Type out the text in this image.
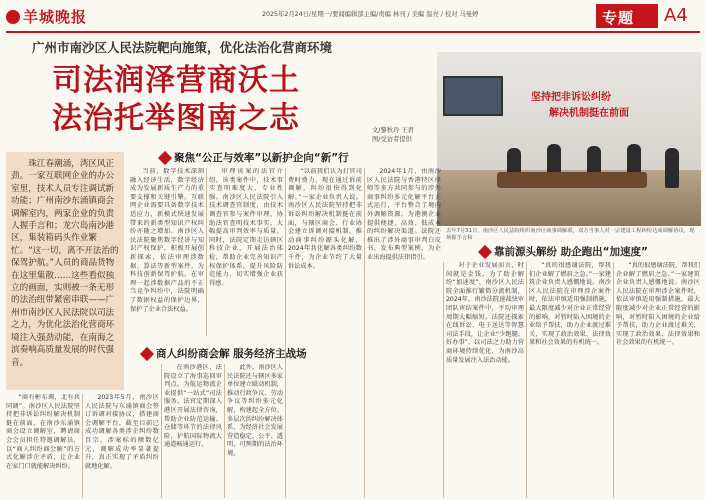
羊城晚报	2025年2月24日/星期一/要闻编辑部主编/责编 林刊 / 美编 温亮 / 校对 马曼婷	专题	A4
广州市南沙区人民法院靶向施策，优化法治化营商环境
司法润泽营商沃土
法治托举图南之志	文/黎秋玲 王君
图/受访者提供
坚持把非诉讼纠纷
解决机制挺在前面
去年7月31日，南沙区人民法院组织南沙区商事调解联，双方当事人对一宗建设工程纠纷达成调解协议，现场握手言和

珠江春潮涌，湾区风正劲。一家互联网企业的办公室里，技术人员专注调试新功能；广州南沙东涌镇商会调解室内，两家企业的负责人握手言和；龙穴岛南沙港区，集装箱码头作业繁忙。“这一切，离不开法治的保驾护航。”人员的商品货物在这里集散……这些看似独立的画面，实则被一条无形的法治纽带紧密串联——广州市南沙区人民法院以司法之力，为优化法治化营商环境注入强劲动能，在南海之滨奏响高质量发展的时代强音。

聚焦“公正与效率”以新护企向“新”行

当前，数字技术深刻融入经济生活，数字经济成为发展新质生产力的重要支撑和关键引擎。互联网企业需要具备数字技术适应力，新模式快速发展带来的新类型知识产权纠纷亦随之增加。南沙区人民法院聚焦数字经济与知识产权保护，积极开展创新探索，依法审理涉数据、算法等新型案件，为科技创新保驾护航。在审理一起涉数据产品的不正当竞争纠纷中，法院明确了数据权益的保护边界，保护了企业合法权益。

审理该案的法官介绍，该类案件中，技术事实查明难度大、专业性强。南沙区人民法院引入技术调查官制度，由技术调查官参与案件审理，协助法官查明技术事实，大幅提高审判效率与质量。同时，法院定期走访辖区科技企业，开展法治体检，帮助企业完善知识产权保护体系，提升风险防范能力，切实增强企业获得感。

“以前我们认为打官司费时费力，现在通过诉前调解，纠纷很快得到化解。”一家企业负责人说。南沙区人民法院坚持把非诉讼纠纷解决机制挺在前面，与辖区商会、行业协会建立诉调对接机制，推动商事纠纷源头化解，2024年共化解各类纠纷数千件，为企业节约了大量诉讼成本。

2024年1月，由南沙区人民法院与香港特区律师等多方共同参与的涉外商事纠纷多元化解平台正式运行，平台整合了境内外调解资源，为港澳企业提供便捷、高效、低成本的纠纷解决渠道。法院还推出了涉外商事审判白皮书，发布典型案例，为企业出海提供法律指引。

商人纠纷商会解 服务经济主战场

“商有彬东调，北有共同调”。南沙区人民法院坚持把非诉讼纠纷解决机制挺在前面，在南沙东涌镇商会设立调解室，聘请商会会员担任特邀调解员，以“商人纠纷商会解”的方式化解涉企矛盾，让企业在家门口就能解决纠纷。

2023年5月，南沙区人民法院与东涌镇商会签订诉调对接协议，搭建商会调解平台，截至目前已成功调解各类涉企纠纷数百宗，涉案标的额数亿元，调解成功率显著提升，真正实现了矛盾纠纷就地化解。

在南沙港区，法院设立了海事巡回审判点，为航运物流企业提供“一站式”司法服务。法官定期深入港区开展法律咨询，帮助企业防范运输、仓储等环节的法律风险，护航国际物流大通道畅通运行。

此外，南沙区人民法院还与辖区多家单位建立联动机制，推动行政争议、劳动争议等纠纷多元化解，构建起全方位、多层次的纠纷解决体系，为经济社会发展营造稳定、公平、透明、可预期的法治环境。

靠前源头解纷 助企跑出“加速度”

对于企业发展而言，时间就是金钱。为了助企解纷“加速度”，南沙区人民法院全面推行繁简分流机制，2024年，南沙法院速裁快审团队审结案件中，平均审理周期大幅缩短。法院还探索在线诉讼、电子送达等智慧司法手段，让企业“少跑腿、好办事”，以司法之力助力营商环境持续优化，为南沙高质量发展注入法治动能。

“真的很感谢法院，帮我们企业解了燃眉之急。”一家建筑企业负责人感慨地说。南沙区人民法院在审理涉企案件时，依法审慎适用强制措施，最大限度减少对企业正常经营的影响，对暂时陷入困境的企业给予帮扶，助力企业渡过难关，实现了政治效果、法律效果和社会效果的有机统一。

“真的很感谢法院，帮我们企业解了燃眉之急。”一家建筑企业负责人感慨地说。南沙区人民法院在审理涉企案件时，依法审慎适用强制措施，最大限度减少对企业正常经营的影响，对暂时陷入困境的企业给予帮扶，助力企业渡过难关，实现了政治效果、法律效果和社会效果的有机统一。
